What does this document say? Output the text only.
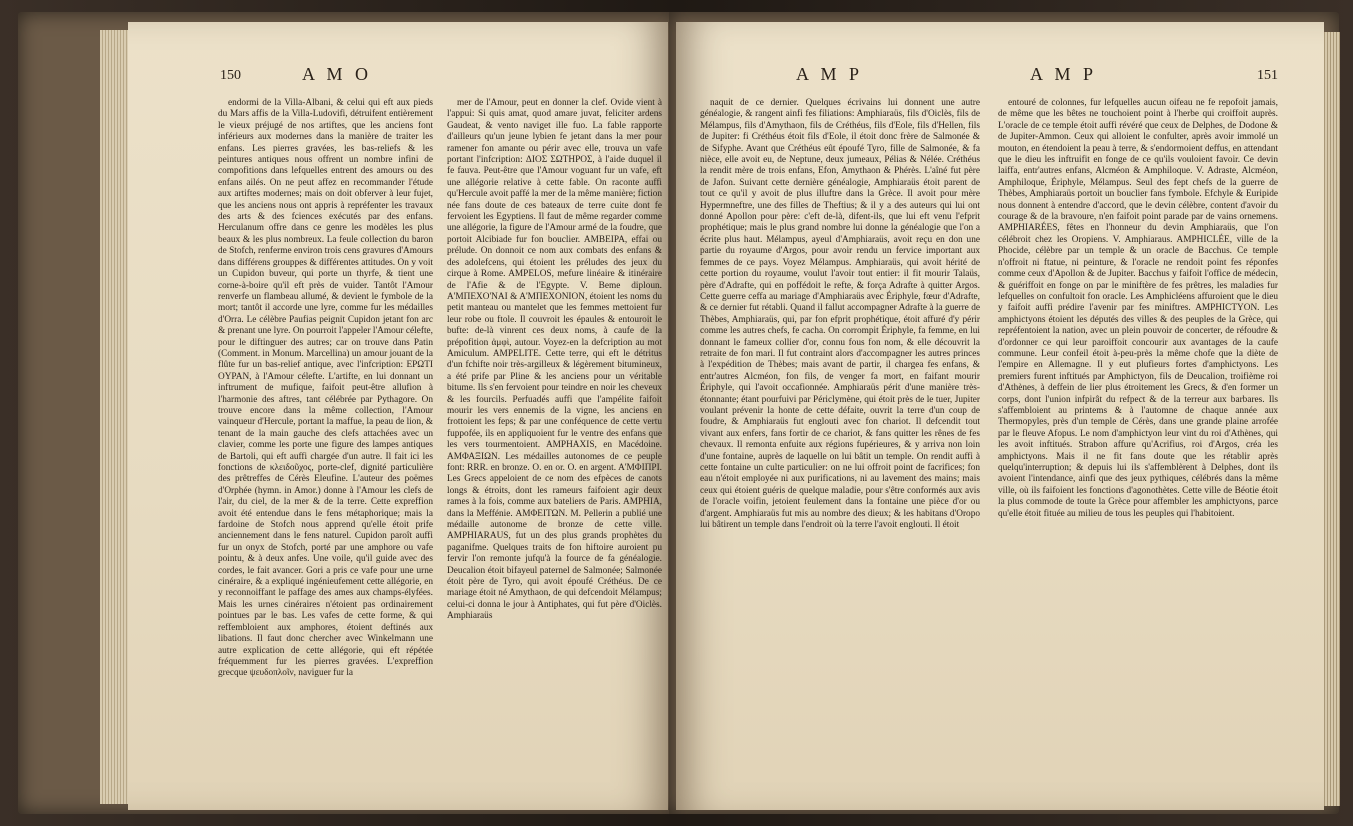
150	A M O

endormi de la Villa-Albani, & celui qui eft aux pieds du Mars affis de la Villa-Ludovifi, détruifent entièrement le vieux préjugé de nos artiftes, que les anciens font inférieurs aux modernes dans la manière de traiter les enfans. Les pierres gravées, les bas-reliefs & les peintures antiques nous offrent un nombre infini de compofitions dans lefquelles entrent des amours ou des enfans ailés. On ne peut affez en recommander l'étude aux artiftes modernes; mais on doit obferver à leur fujet, que les anciens nous ont appris à repréfenter les travaux des arts & des fciences exécutés par des enfans. Herculanum offre dans ce genre les modèles les plus beaux & les plus nombreux. La feule collection du baron de Stofch, renferme environ trois cens gravures d'Amours dans différens grouppes & différentes attitudes. On y voit un Cupidon buveur, qui porte un thyrfe, & tient une corne-à-boire qu'il eft près de vuider. Tantôt l'Amour renverfe un flambeau allumé, & devient le fymbole de la mort; tantôt il accorde une lyre, comme fur les médailles d'Orra. Le célèbre Paufias peignit Cupidon jetant fon arc & prenant une lyre. On pourroit l'appeler l'Amour célefte, pour le diftinguer des autres; car on trouve dans Patin (Comment. in Monum. Marcellina) un amour jouant de la flûte fur un bas-relief antique, avec l'infcription: EPΩTI OYPAN, à l'Amour célefte. L'artifte, en lui donnant un inftrument de mufique, faifoit peut-être allufion à l'harmonie des aftres, tant célébrée par Pythagore. On trouve encore dans la même collection, l'Amour vainqueur d'Hercule, portant la maffue, la peau de lion, & tenant de la main gauche des clefs attachées avec un clavier, comme les porte une figure des lampes antiques de Bartoli, qui eft auffi chargée d'un autre. Il fait ici les fonctions de κλειδοῦχος, porte-clef, dignité particulière des prêtreffes de Cérès Eleufine. L'auteur des poëmes d'Orphée (hymn. in Amor.) donne à l'Amour les clefs de l'air, du ciel, de la mer & de la terre. Cette expreffion avoit été entendue dans le fens métaphorique; mais la fardoine de Stofch nous apprend qu'elle étoit prife anciennement dans le fens naturel. Cupidon paroît auffi fur un onyx de Stofch, porté par une amphore ou vafe pointu, & à deux anfes. Une voile, qu'il guide avec des cordes, le fait avancer. Gori a pris ce vafe pour une urne cinéraire, & a expliqué ingénieufement cette allégorie, en y reconnoiffant le paffage des ames aux champs-élyfées. Mais les urnes cinéraires n'étoient pas ordinairement pointues par le bas. Les vafes de cette forme, & qui reffembloient aux amphores, étoient deftinés aux libations. Il faut donc chercher avec Winkelmann une autre explication de cette allégorie, qui eft répétée fréquemment fur les pierres gravées. L'expreffion grecque ψευδοπλοῖν, naviguer fur la

mer de l'Amour, peut en donner la clef. Ovide vient à l'appui: Si quis amat, quod amare juvat, feliciter ardens Gaudeat, & vento naviget ille fuo. La fable rapporte d'ailleurs qu'un jeune lybien fe jetant dans la mer pour ramener fon amante ou périr avec elle, trouva un vafe portant l'infcription: ΔΙΟΣ ΣΩΤΗΡΟΣ, à l'aide duquel il fe fauva. Peut-être que l'Amour voguant fur un vafe, eft une allégorie relative à cette fable. On raconte auffi qu'Hercule avoit paffé la mer de la même manière; fiction née fans doute de ces bateaux de terre cuite dont fe fervoient les Egyptiens. Il faut de même regarder comme une allégorie, la figure de l'Amour armé de la foudre, que portoit Alcibiade fur fon bouclier. AMBEIPA, effai ou prélude. On donnoit ce nom aux combats des enfans & des adolefcens, qui étoient les préludes des jeux du cirque à Rome. AMPELOS, mefure linéaire & itinéraire de l'Afie & de l'Egypte. V. Beme diploun. A'MΠEXO'NAI & A'MΠEXONION, étoient les noms du petit manteau ou mantelet que les femmes mettoient fur leur robe ou ftole. Il couvroit les épaules & entouroit le bufte: de-là vinrent ces deux noms, à caufe de la prépofition ἀμφὶ, autour. Voyez-en la defcription au mot Amiculum. AMPELITE. Cette terre, qui eft le détritus d'un fchifte noir très-argilleux & légèrement bitumineux, a été prife par Pline & les anciens pour un véritable bitume. Ils s'en fervoient pour teindre en noir les cheveux & les fourcils. Perfuadés auffi que l'ampélite faifoit mourir les vers ennemis de la vigne, les anciens en frottoient les feps; & par une conféquence de cette vertu fuppofée, ils en appliquoient fur le ventre des enfans que les vers tourmentoient. AMPHAXIS, en Macédoine. ΑΜΦΑΞΙΩΝ. Les médailles autonomes de ce peuple font: RRR. en bronze. O. en or. O. en argent. A'MΦIΠPI. Les Grecs appeloient de ce nom des efpèces de canots longs & étroits, dont les rameurs faifoient agir deux rames à la fois, comme aux bateliers de Paris. AMPHIA, dans la Meffénie. ΑΜΦΕΙΤΩΝ. M. Pellerin a publié une médaille autonome de bronze de cette ville. AMPHIARAUS, fut un des plus grands prophètes du paganifme. Quelques traits de fon hiftoire auroient pu fervir l'on remonte jufqu'à la fource de fa généalogie. Deucalion étoit bifayeul paternel de Salmonée; Salmonée étoit père de Tyro, qui avoit époufé Créthéus. De ce mariage étoit né Amythaon, de qui defcendoit Mélampus; celui-ci donna le jour à Antiphates, qui fut père d'Oiclès. Amphiaraüs

A M P	A M P	151

naquit de ce dernier. Quelques écrivains lui donnent une autre généalogie, & rangent ainfi fes filiations: Amphiaraüs, fils d'Oiclès, fils de Mélampus, fils d'Amythaon, fils de Créthéus, fils d'Eole, fils d'Hellen, fils de Jupiter: fi Créthéus étoit fils d'Eole, il étoit donc frère de Salmonée & de Sifyphe. Avant que Créthéus eût époufé Tyro, fille de Salmonée, & fa nièce, elle avoit eu, de Neptune, deux jumeaux, Pélias & Nélée. Créthéus la rendit mère de trois enfans, Efon, Amythaon & Phérès. L'aîné fut père de Jafon. Suivant cette dernière généalogie, Amphiaraüs étoit parent de tout ce qu'il y avoit de plus illuftre dans la Grèce. Il avoit pour mère Hypermneftre, une des filles de Theftius; & il y a des auteurs qui lui ont donné Apollon pour père: c'eft de-là, difent-ils, que lui eft venu l'efprit prophétique; mais le plus grand nombre lui donne la généalogie que l'on a écrite plus haut. Mélampus, ayeul d'Amphiaraüs, avoit reçu en don une partie du royaume d'Argos, pour avoir rendu un fervice important aux femmes de ce pays. Voyez Mélampus. Amphiaraüs, qui avoit hérité de cette portion du royaume, voulut l'avoir tout entier: il fit mourir Talaüs, père d'Adrafte, qui en poffédoit le refte, & força Adrafte à quitter Argos. Cette guerre ceffa au mariage d'Amphiaraüs avec Ériphyle, fœur d'Adrafte, & ce dernier fut rétabli. Quand il fallut accompagner Adrafte à la guerre de Thèbes, Amphiaraüs, qui, par fon efprit prophétique, étoit affuré d'y périr comme les autres chefs, fe cacha. On corrompit Ériphyle, fa femme, en lui donnant le fameux collier d'or, connu fous fon nom, & elle découvrit la retraite de fon mari. Il fut contraint alors d'accompagner les autres princes à l'expédition de Thèbes; mais avant de partir, il chargea fes enfans, & entr'autres Alcméon, fon fils, de venger fa mort, en faifant mourir Ériphyle, qui l'avoit occafionnée. Amphiaraüs périt d'une manière très-étonnante; étant pourfuivi par Périclymène, qui étoit près de le tuer, Jupiter voulant prévenir la honte de cette défaite, ouvrit la terre d'un coup de foudre, & Amphiaraüs fut englouti avec fon chariot. Il defcendit tout vivant aux enfers, fans fortir de ce chariot, & fans quitter les rênes de fes chevaux. Il remonta enfuite aux régions fupérieures, & y arriva non loin d'une fontaine, auprès de laquelle on lui bâtit un temple. On rendit auffi à cette fontaine un culte particulier: on ne lui offroit point de facrifices; fon eau n'étoit employée ni aux purifications, ni au lavement des mains; mais ceux qui étoient guéris de quelque maladie, pour s'être conformés aux avis de l'oracle voifin, jetoient feulement dans la fontaine une pièce d'or ou d'argent. Amphiaraüs fut mis au nombre des dieux; & les habitans d'Oropo lui bâtirent un temple dans l'endroit où la terre l'avoit englouti. Il étoit

entouré de colonnes, fur lefquelles aucun oifeau ne fe repofoit jamais, de même que les bêtes ne touchoient point à l'herbe qui croiffoit auprès. L'oracle de ce temple étoit auffi révéré que ceux de Delphes, de Dodone & de Jupiter-Ammon. Ceux qui alloient le confulter, après avoir immolé un mouton, en étendoient la peau à terre, & s'endormoient deffus, en attendant que le dieu les inftruifit en fonge de ce qu'ils vouloient favoir. Ce devin laiffa, entr'autres enfans, Alcméon & Amphiloque. V. Adraste, Alcméon, Amphiloque, Ériphyle, Mélampus. Seul des fept chefs de la guerre de Thèbes, Amphiaraüs portoit un bouclier fans fymbole. Efchyle & Euripide nous donnent à entendre d'accord, que le devin célèbre, content d'avoir du courage & de la bravoure, n'en faifoit point parade par de vains ornemens. AMPHIARÉES, fêtes en l'honneur du devin Amphiaraüs, que l'on célébroit chez les Oropiens. V. Amphiaraus. AMPHICLÉE, ville de la Phocide, célèbre par un temple & un oracle de Bacchus. Ce temple n'offroit ni ftatue, ni peinture, & l'oracle ne rendoit point fes réponfes comme ceux d'Apollon & de Jupiter. Bacchus y faifoit l'office de médecin, & guériffoit en fonge on par le miniftère de fes prêtres, les maladies fur lefquelles on confultoit fon oracle. Les Amphicléens affuroient que le dieu y faifoit auffi prédire l'avenir par fes miniftres. AMPHICTYON. Les amphictyons étoient les députés des villes & des peuples de la Grèce, qui repréfentoient la nation, avec un plein pouvoir de concerter, de réfoudre & d'ordonner ce qui leur paroiffoit concourir aux avantages de la caufe commune. Leur confeil étoit à-peu-près la même chofe que la diète de l'empire en Allemagne. Il y eut plufieurs fortes d'amphictyons. Les premiers furent inftitués par Amphictyon, fils de Deucalion, troifième roi d'Athènes, à deffein de lier plus étroitement les Grecs, & d'en former un corps, dont l'union infpirât du refpect & de la terreur aux barbares. Ils s'affembloient au printems & à l'automne de chaque année aux Thermopyles, près d'un temple de Cérès, dans une grande plaine arrofée par le fleuve Afopus. Le nom d'amphictyon leur vint du roi d'Athènes, qui les avoit inftitués. Strabon affure qu'Acrifius, roi d'Argos, créa les amphictyons. Mais il ne fit fans doute que les rétablir après quelqu'interruption; & depuis lui ils s'affemblèrent à Delphes, dont ils avoient l'intendance, ainfi que des jeux pythiques, célébrés dans la même ville, où ils faifoient les fonctions d'agonothètes. Cette ville de Béotie étoit la plus commode de toute la Grèce pour affembler les amphictyons, parce qu'elle étoit fituée au milieu de tous les peuples qui l'habitoient.
